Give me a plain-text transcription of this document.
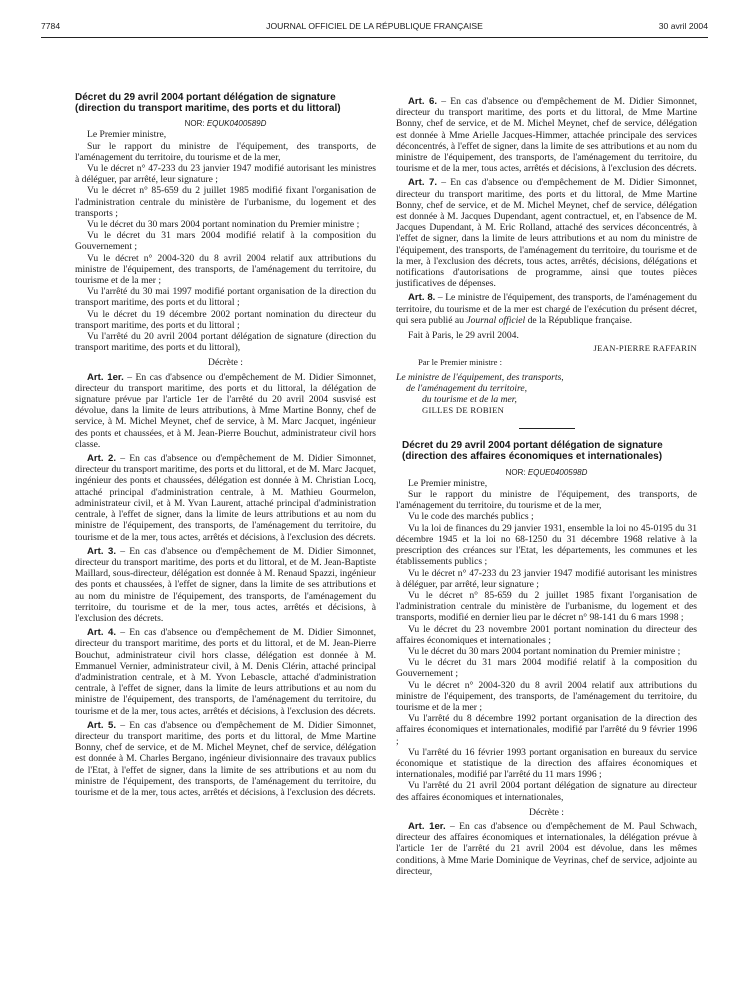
7784	JOURNAL OFFICIEL DE LA RÉPUBLIQUE FRANÇAISE	30 avril 2004

Décret du 29 avril 2004 portant délégation de signature (direction du transport maritime, des ports et du littoral)

NOR: EQUK0400589D

Le Premier ministre,

Sur le rapport du ministre de l'équipement, des transports, de l'aménagement du territoire, du tourisme et de la mer,

Vu le décret n° 47-233 du 23 janvier 1947 modifié autorisant les ministres à déléguer, par arrêté, leur signature ;

Vu le décret n° 85-659 du 2 juillet 1985 modifié fixant l'organisation de l'administration centrale du ministère de l'urbanisme, du logement et des transports ;

Vu le décret du 30 mars 2004 portant nomination du Premier ministre ;

Vu le décret du 31 mars 2004 modifié relatif à la composition du Gouvernement ;

Vu le décret n° 2004-320 du 8 avril 2004 relatif aux attributions du ministre de l'équipement, des transports, de l'aménagement du territoire, du tourisme et de la mer ;

Vu l'arrêté du 30 mai 1997 modifié portant organisation de la direction du transport maritime, des ports et du littoral ;

Vu le décret du 19 décembre 2002 portant nomination du directeur du transport maritime, des ports et du littoral ;

Vu l'arrêté du 20 avril 2004 portant délégation de signature (direction du transport maritime, des ports et du littoral),

Décrète :

Art. 1er. – En cas d'absence ou d'empêchement de M. Didier Simonnet, directeur du transport maritime, des ports et du littoral, la délégation de signature prévue par l'article 1er de l'arrêté du 20 avril 2004 susvisé est dévolue, dans la limite de leurs attributions, à Mme Martine Bonny, chef de service, à M. Michel Meynet, chef de service, à M. Marc Jacquet, ingénieur des ponts et chaussées, et à M. Jean-Pierre Bouchut, administrateur civil hors classe.

Art. 2. – En cas d'absence ou d'empêchement de M. Didier Simonnet, directeur du transport maritime, des ports et du littoral, et de M. Marc Jacquet, ingénieur des ponts et chaussées, délégation est donnée à M. Christian Locq, attaché principal d'administration centrale, à M. Mathieu Gourmelon, administrateur civil, et à M. Yvan Laurent, attaché principal d'administration centrale, à l'effet de signer, dans la limite de leurs attributions et au nom du ministre de l'équipement, des transports, de l'aménagement du territoire, du tourisme et de la mer, tous actes, arrêtés et décisions, à l'exclusion des décrets.

Art. 3. – En cas d'absence ou d'empêchement de M. Didier Simonnet, directeur du transport maritime, des ports et du littoral, et de M. Jean-Baptiste Maillard, sous-directeur, délégation est donnée à M. Renaud Spazzi, ingénieur des ponts et chaussées, à l'effet de signer, dans la limite de ses attributions et au nom du ministre de l'équipement, des transports, de l'aménagement du territoire, du tourisme et de la mer, tous actes, arrêtés et décisions, à l'exclusion des décrets.

Art. 4. – En cas d'absence ou d'empêchement de M. Didier Simonnet, directeur du transport maritime, des ports et du littoral, et de M. Jean-Pierre Bouchut, administrateur civil hors classe, délégation est donnée à M. Emmanuel Vernier, administrateur civil, à M. Denis Clérin, attaché principal d'administration centrale, et à M. Yvon Lebascle, attaché d'administration centrale, à l'effet de signer, dans la limite de leurs attributions et au nom du ministre de l'équipement, des transports, de l'aménagement du territoire, du tourisme et de la mer, tous actes, arrêtés et décisions, à l'exclusion des décrets.

Art. 5. – En cas d'absence ou d'empêchement de M. Didier Simonnet, directeur du transport maritime, des ports et du littoral, de Mme Martine Bonny, chef de service, et de M. Michel Meynet, chef de service, délégation est donnée à M. Charles Bergano, ingénieur divisionnaire des travaux publics de l'Etat, à l'effet de signer, dans la limite de ses attributions et au nom du ministre de l'équipement, des transports, de l'aménagement du territoire, du tourisme et de la mer, tous actes, arrêtés et décisions, à l'exclusion des décrets.

Art. 6. – En cas d'absence ou d'empêchement de M. Didier Simonnet, directeur du transport maritime, des ports et du littoral, de Mme Martine Bonny, chef de service, et de M. Michel Meynet, chef de service, délégation est donnée à Mme Arielle Jacques-Himmer, attachée principale des services déconcentrés, à l'effet de signer, dans la limite de ses attributions et au nom du ministre de l'équipement, des transports, de l'aménagement du territoire, du tourisme et de la mer, tous actes, arrêtés et décisions, à l'exclusion des décrets.

Art. 7. – En cas d'absence ou d'empêchement de M. Didier Simonnet, directeur du transport maritime, des ports et du littoral, de Mme Martine Bonny, chef de service, et de M. Michel Meynet, chef de service, délégation est donnée à M. Jacques Dupendant, agent contractuel, et, en l'absence de M. Jacques Dupendant, à M. Eric Rolland, attaché des services déconcentrés, à l'effet de signer, dans la limite de leurs attributions et au nom du ministre de l'équipement, des transports, de l'aménagement du territoire, du tourisme et de la mer, à l'exclusion des décrets, tous actes, arrêtés, décisions, délégations et notifications d'autorisations de programme, ainsi que toutes pièces justificatives de dépenses.

Art. 8. – Le ministre de l'équipement, des transports, de l'aménagement du territoire, du tourisme et de la mer est chargé de l'exécution du présent décret, qui sera publié au Journal officiel de la République française.

Fait à Paris, le 29 avril 2004.

JEAN-PIERRE RAFFARIN

Par le Premier ministre :

Le ministre de l'équipement, des transports,
de l'aménagement du territoire,
du tourisme et de la mer,
GILLES DE ROBIEN

Décret du 29 avril 2004 portant délégation de signature (direction des affaires économiques et internationales)

NOR: EQUE0400598D

Le Premier ministre,

Sur le rapport du ministre de l'équipement, des transports, de l'aménagement du territoire, du tourisme et de la mer,

Vu le code des marchés publics ;

Vu la loi de finances du 29 janvier 1931, ensemble la loi no 45-0195 du 31 décembre 1945 et la loi no 68-1250 du 31 décembre 1968 relative à la prescription des créances sur l'Etat, les départements, les communes et les établissements publics ;

Vu le décret n° 47-233 du 23 janvier 1947 modifié autorisant les ministres à déléguer, par arrêté, leur signature ;

Vu le décret n° 85-659 du 2 juillet 1985 fixant l'organisation de l'administration centrale du ministère de l'urbanisme, du logement et des transports, modifié en dernier lieu par le décret n° 98-141 du 6 mars 1998 ;

Vu le décret du 23 novembre 2001 portant nomination du directeur des affaires économiques et internationales ;

Vu le décret du 30 mars 2004 portant nomination du Premier ministre ;

Vu le décret du 31 mars 2004 modifié relatif à la composition du Gouvernement ;

Vu le décret n° 2004-320 du 8 avril 2004 relatif aux attributions du ministre de l'équipement, des transports, de l'aménagement du territoire, du tourisme et de la mer ;

Vu l'arrêté du 8 décembre 1992 portant organisation de la direction des affaires économiques et internationales, modifié par l'arrêté du 9 février 1996 ;

Vu l'arrêté du 16 février 1993 portant organisation en bureaux du service économique et statistique de la direction des affaires économiques et internationales, modifié par l'arrêté du 11 mars 1996 ;

Vu l'arrêté du 21 avril 2004 portant délégation de signature au directeur des affaires économiques et internationales,

Décrète :

Art. 1er. – En cas d'absence ou d'empêchement de M. Paul Schwach, directeur des affaires économiques et internationales, la délégation prévue à l'article 1er de l'arrêté du 21 avril 2004 est dévolue, dans les mêmes conditions, à Mme Marie Dominique de Veyrinas, chef de service, adjointe au directeur,
